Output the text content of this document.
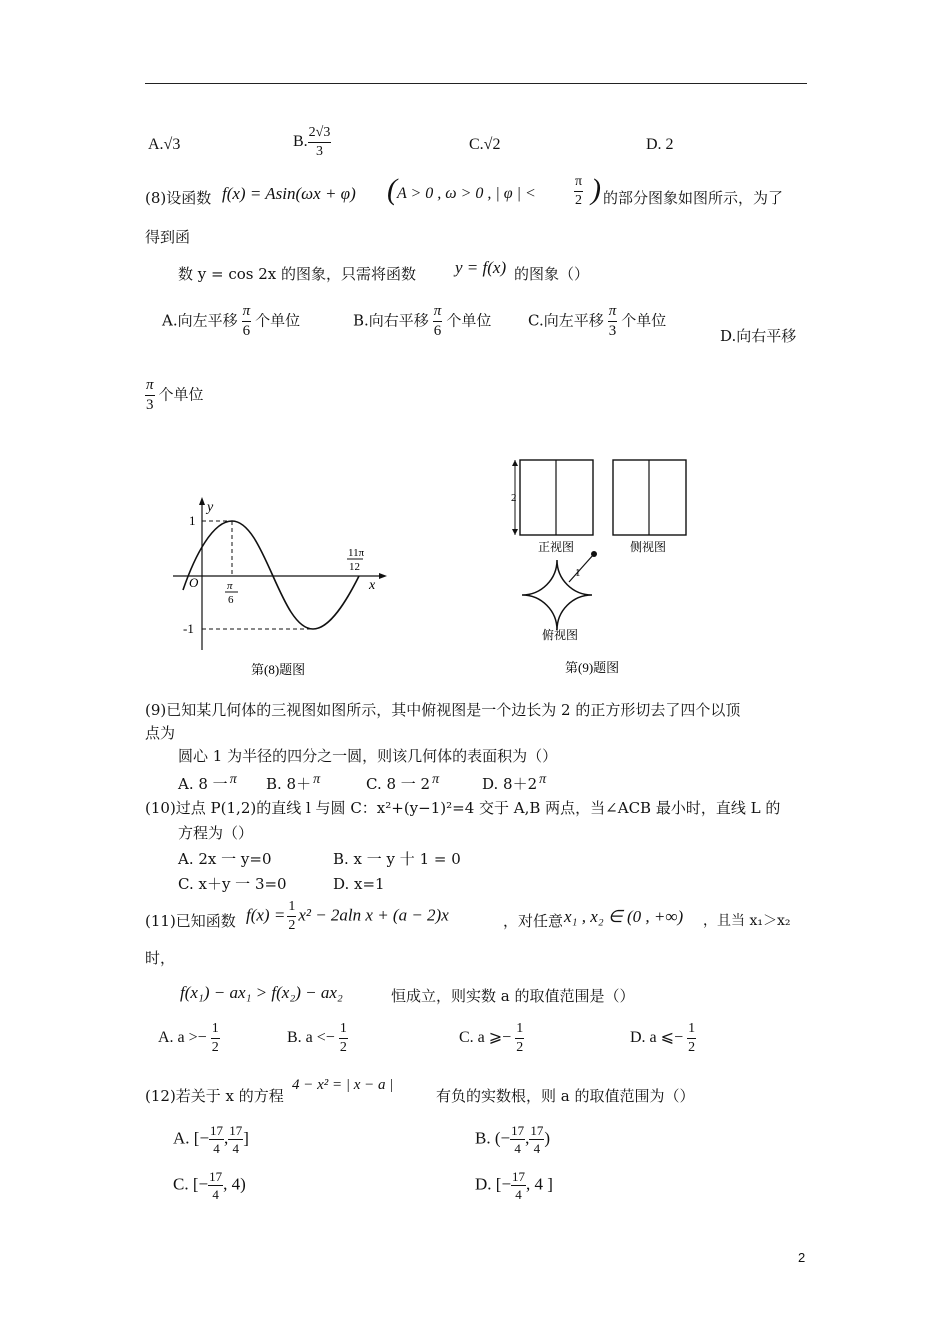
A.√3	B. $\frac{2√3}{3}$	C.√2	D. 2
(8)设函数 f(x) = Asin(ωx + φ) ( A > 0 , ω > 0 , | φ | <	$\frac{\pi}{2}$ ) 的部分图象如图所示，为了
得到函
数 y = cos 2x 的图象，只需将函数 y = f(x) 的图象（）
A.向左平移 $\frac{\pi}{6}$ 个单位	B.向右平移 $\frac{\pi}{6}$ 个单位 C.向左平移 $\frac{\pi}{3}$ 个单位
D.向右平移
$\frac{\pi}{3}$ 个单位
y
x
O
1
-1
π
6
11π
12
第(8)题图
2
正视图	侧视图
1
俯视图
第(9)题图
(9)已知某几何体的三视图如图所示，其中俯视图是一个边长为 2 的正方形切去了四个以顶
点为
圆心 1 为半径的四分之一圆，则该几何体的表面积为（）
A. 8 一 π B. 8＋ π	C. 8 一 2 π	D. 8＋2 π
(10)过点 P(1,2)的直线 l 与圆 C：x²+(y−1)²=4 交于 A,B 两点，当∠ACB 最小时，直线 L 的
方程为（）
A. 2x 一 y=0	B. x 一 y 十 1 = 0
C. x＋y 一 3=0	D. x=1
(11)已知函数 $f(x) = \frac{1}{2} x^2 - 2aln$ x + (a − 2)x	，对任意 x₁ , x₂ ∈ (0 , +∞) ，且当 x₁＞x₂
时，
f(x₁) − ax₁ > f(x₂) − ax₂	恒成立，则实数 a 的取值范围是（）
A. $a >- \frac{1}{2}$	B. $a <- \frac{1}{2}$	C. a ⩾− $\frac{1}{2}$	D. a ⩽− $\frac{1}{2}$
(12)若关于 x 的方程
4 − x² = | x − a |
有负的实数根，则 a 的取值范围为（）
A. [− $\frac{17}{4}$ , $\frac{17}{4}$ ]	B. (− $\frac{17}{4}$ , $\frac{17}{4}$ )
C. [− $\frac{17}{4}$ , 4)	D. [− $\frac{17}{4}$ , 4 ]
2
